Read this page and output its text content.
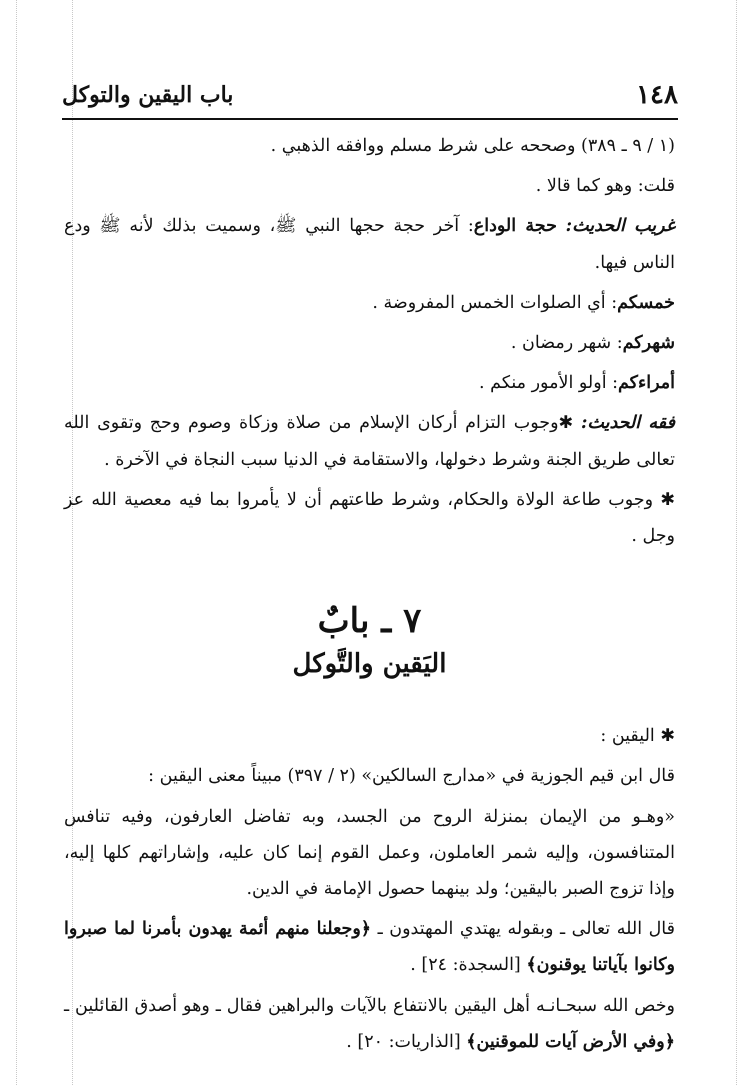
١٤٨
باب اليقين والتوكل

(١ / ٩ ـ ٣٨٩) وصححه على شرط مسلم ووافقه الذهبي .

قلت: وهو كما قالا .

غريب الحديث: حجة الوداع: آخر حجة حجها النبي ﷺ، وسميت بذلك لأنه ﷺ ودع الناس فيها.

خمسكم: أي الصلوات الخمس المفروضة .

شهركم: شهر رمضان .

أمراءكم: أولو الأمور منكم .

فقه الحديث: ✱وجوب التزام أركان الإسلام من صلاة وزكاة وصوم وحج وتقوى الله تعالى طريق الجنة وشرط دخولها، والاستقامة في الدنيا سبب النجاة في الآخرة .

✱ وجوب طاعة الولاة والحكام، وشرط طاعتهم أن لا يأمروا بما فيه معصية الله عز وجل .

٧ ـ بابٌ
اليَقين والتَّوكل

✱ اليقين :

قال ابن قيم الجوزية في «مدارج السالكين» (٢ / ٣٩٧) مبيناً معنى اليقين :

«وهـو من الإيمان بمنزلة الروح من الجسد، وبه تفاضل العارفون، وفيه تنافس المتنافسون، وإليه شمر العاملون، وعمل القوم إنما كان عليه، وإشاراتهم كلها إليه، وإذا تزوج الصبر باليقين؛ ولد بينهما حصول الإمامة في الدين.

قال الله تعالى ـ وبقوله يهتدي المهتدون ـ ﴿وجعلنا منهم أئمة يهدون بأمرنا لما صبروا وكانوا بآياتنا يوقنون﴾ [السجدة: ٢٤] .

وخص الله سبحـانـه أهل اليقين بالانتفاع بالآيات والبراهين فقال ـ وهو أصدق القائلين ـ ﴿وفي الأرض آيات للموقنين﴾ [الذاريات: ٢٠] .
